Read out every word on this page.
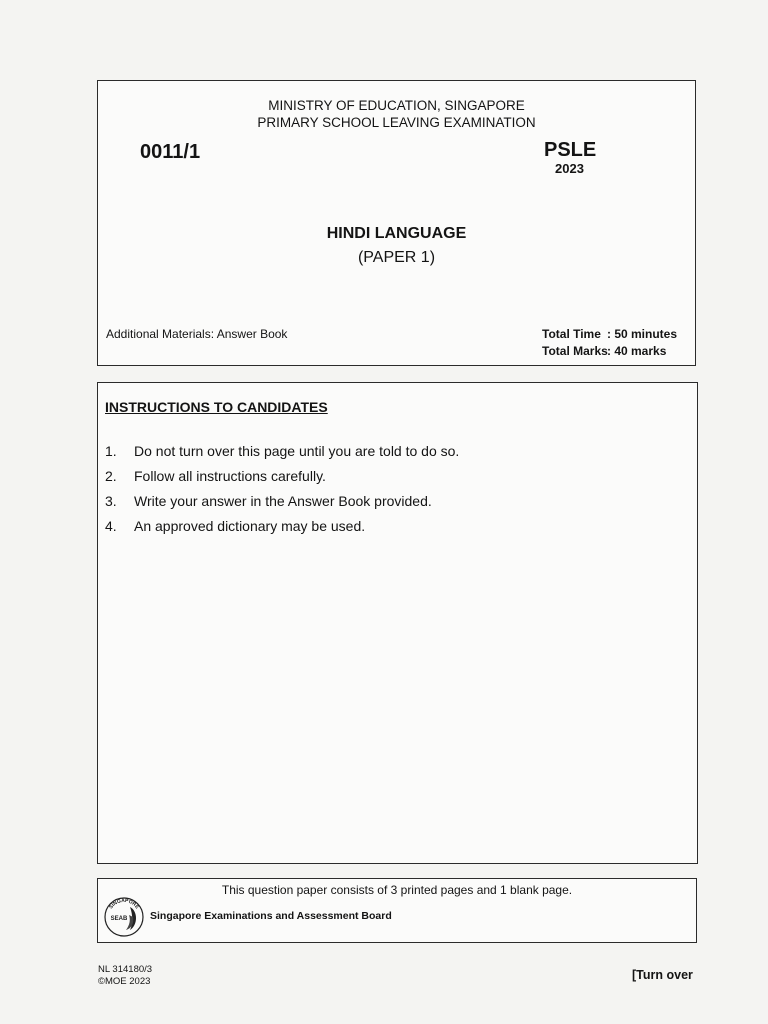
MINISTRY OF EDUCATION, SINGAPORE
PRIMARY SCHOOL LEAVING EXAMINATION
0011/1	PSLE
2023
HINDI LANGUAGE
(PAPER 1)
Additional Materials: Answer Book	Total Time : 50 minutes
Total Marks: 40 marks
INSTRUCTIONS TO CANDIDATES
1. Do not turn over this page until you are told to do so.
2. Follow all instructions carefully.
3. Write your answer in the Answer Book provided.
4. An approved dictionary may be used.
This question paper consists of 3 printed pages and 1 blank page.
SINGAPORE
SEAB Singapore Examinations and Assessment Board
NL 314180/3
©MOE 2023	[Turn over
